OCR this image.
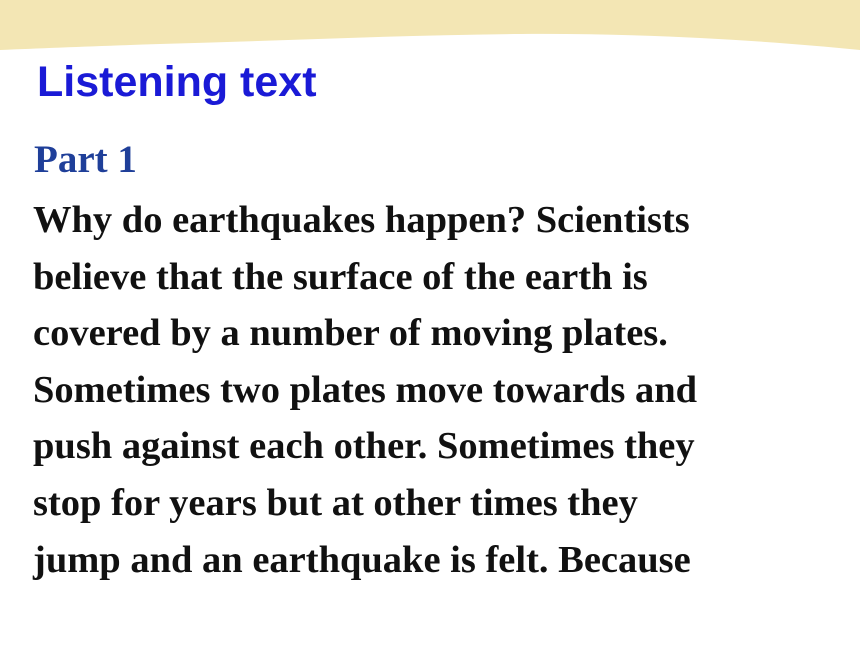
Listening text
Part 1
Why do earthquakes happen? Scientists
believe that the surface of the earth is
covered by a number of moving plates.
Sometimes two plates move towards and
push against each other. Sometimes they
stop for years but at other times they
jump and an earthquake is felt. Because
